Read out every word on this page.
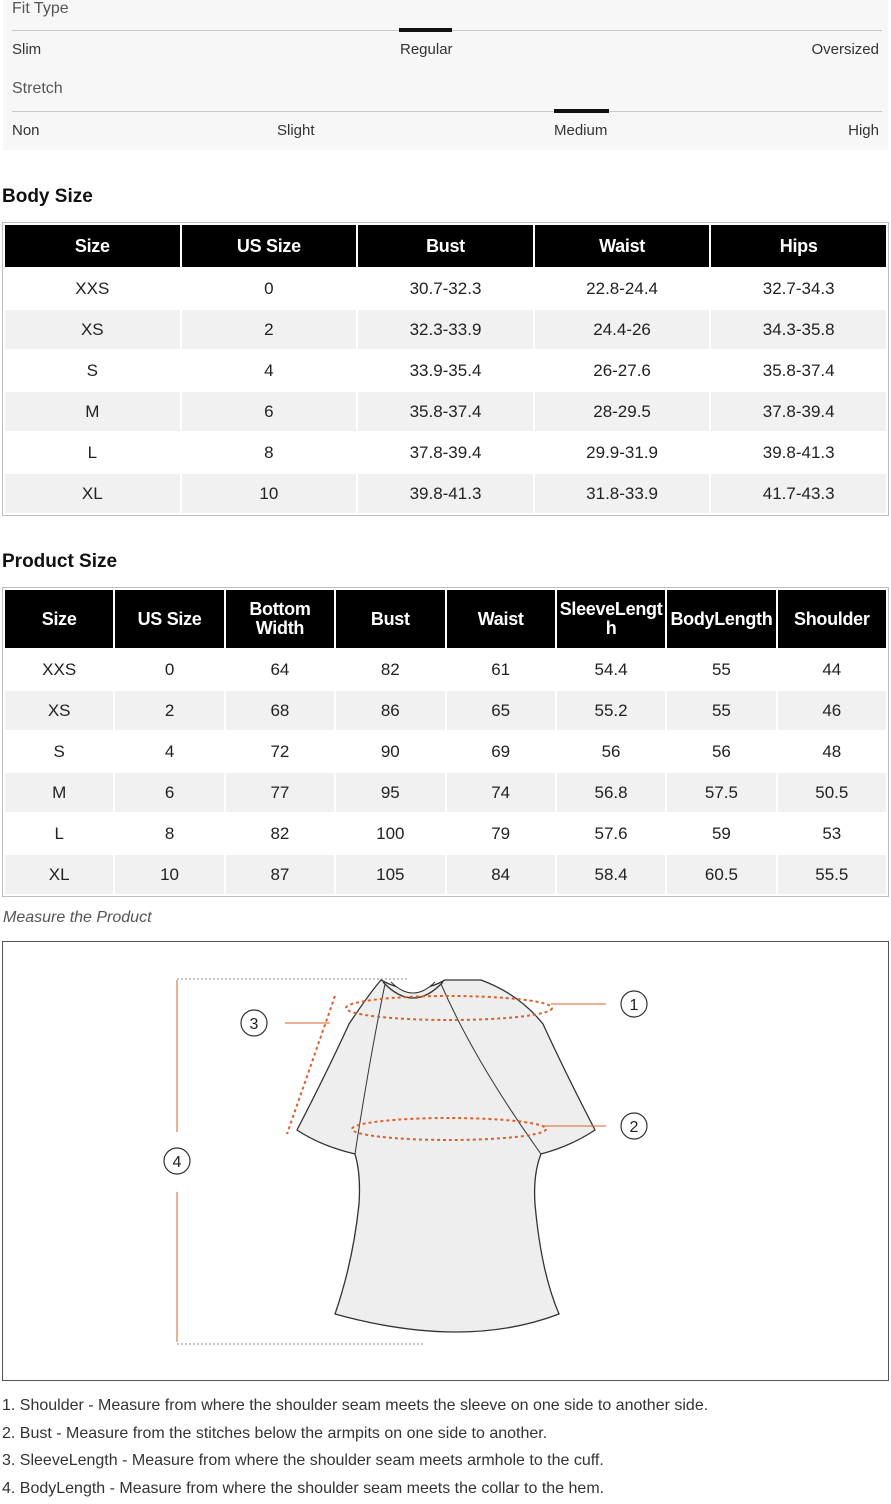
Fit Type
Slim	Regular	Oversized
Stretch
Non	Slight	Medium	High
Body Size
Size	US Size	Bust	Waist	Hips
XXS	0	30.7-32.3	22.8-24.4	32.7-34.3
XS	2	32.3-33.9	24.4-26	34.3-35.8
S	4	33.9-35.4	26-27.6	35.8-37.4
M	6	35.8-37.4	28-29.5	37.8-39.4
L	8	37.8-39.4	29.9-31.9	39.8-41.3
XL	10	39.8-41.3	31.8-33.9	41.7-43.3
Product Size
Size	US Size	Bottom Width	Bust	Waist	SleeveLength	BodyLength	Shoulder
XXS	0	64	82	61	54.4	55	44
XS	2	68	86	65	55.2	55	46
S	4	72	90	69	56	56	48
M	6	77	95	74	56.8	57.5	50.5
L	8	82	100	79	57.6	59	53
XL	10	87	105	84	58.4	60.5	55.5
Measure the Product
1
2
3
4
1. Shoulder - Measure from where the shoulder seam meets the sleeve on one side to another side.
2. Bust - Measure from the stitches below the armpits on one side to another.
3. SleeveLength - Measure from where the shoulder seam meets armhole to the cuff.
4. BodyLength - Measure from where the shoulder seam meets the collar to the hem.
